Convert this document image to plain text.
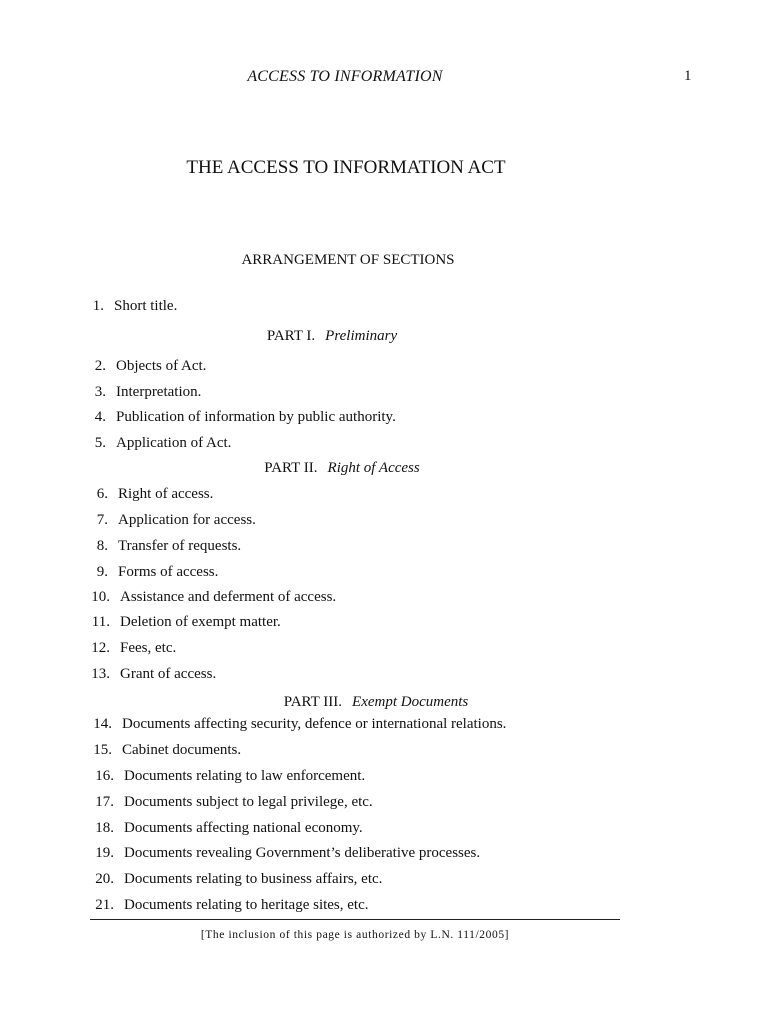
ACCESS TO INFORMATION	1
THE ACCESS TO INFORMATION ACT
ARRANGEMENT OF SECTIONS
1. Short title.
PART I. Preliminary
2. Objects of Act.
3. Interpretation.
4. Publication of information by public authority.
5. Application of Act.
PART II. Right of Access
6. Right of access.
7. Application for access.
8. Transfer of requests.
9. Forms of access.
10. Assistance and deferment of access.
11. Deletion of exempt matter.
12. Fees, etc.
13. Grant of access.
PART III. Exempt Documents
14. Documents affecting security, defence or international relations.
15. Cabinet documents.
16. Documents relating to law enforcement.
17. Documents subject to legal privilege, etc.
18. Documents affecting national economy.
19. Documents revealing Government’s deliberative processes.
20. Documents relating to business affairs, etc.
21. Documents relating to heritage sites, etc.
[The inclusion of this page is authorized by L.N. 111/2005]
